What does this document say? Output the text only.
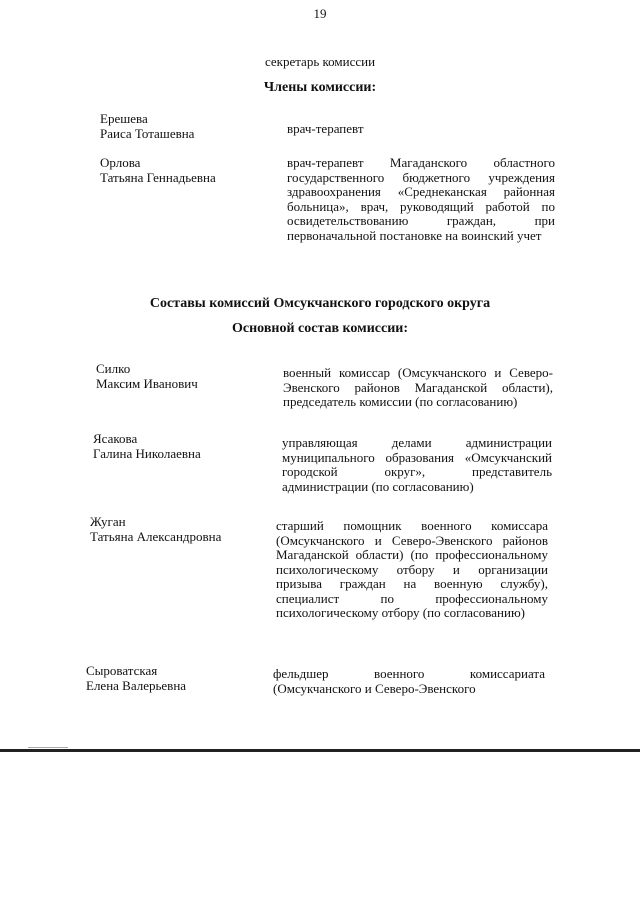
19
секретарь комиссии
Члены комиссии:
Ерешева
Раиса Тоташевна	врач-терапевт
Орлова
Татьяна Геннадьевна
врач-терапевт Магаданского областного государственного бюджетного учреждения здравоохранения «Среднеканская районная больница», врач, руководящий работой по освидетельствованию граждан, при первоначальной постановке на воинский учет
Составы комиссий Омсукчанского городского округа
Основной состав комиссии:
Силко
Максим Иванович
военный комиссар (Омсукчанского и Северо-Эвенского районов Магаданской области), председатель комиссии (по согласованию)
Ясакова
Галина Николаевна
управляющая делами администрации муниципального образования «Омсукчанский городской округ», представитель администрации (по согласованию)
Жуган
Татьяна Александровна
старший помощник военного комиссара (Омсукчанского и Северо-Эвенского районов Магаданской области) (по профессиональному психологическому отбору и организации призыва граждан на военную службу), специалист по профессиональному психологическому отбору (по согласованию)
Сыроватская
Елена Валерьевна
фельдшер военного комиссариата (Омсукчанского и Северо-Эвенского
